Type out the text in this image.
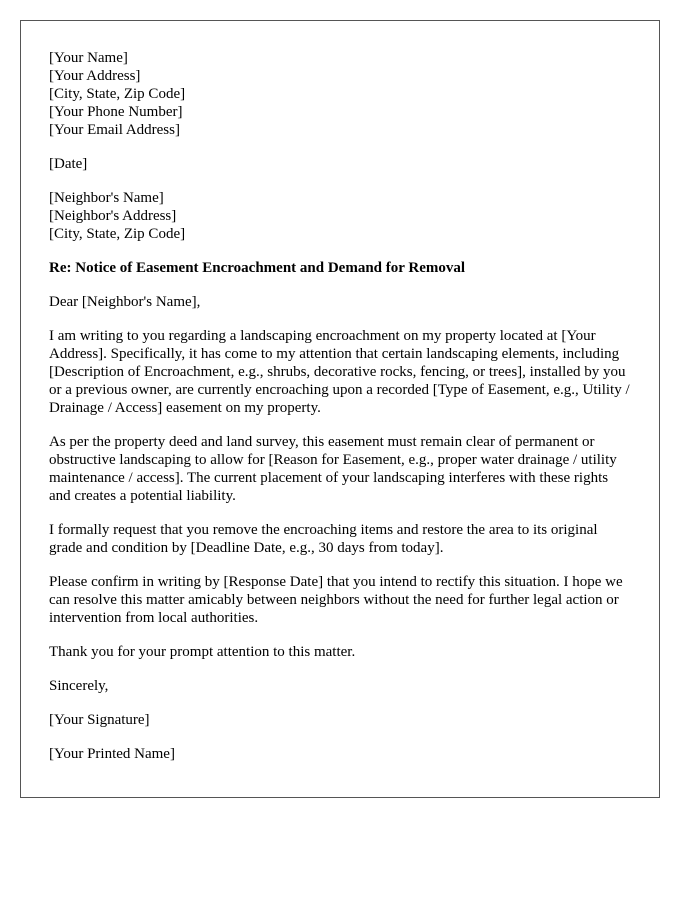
[Your Name]
[Your Address]
[City, State, Zip Code]
[Your Phone Number]
[Your Email Address]
[Date]
[Neighbor's Name]
[Neighbor's Address]
[City, State, Zip Code]
Re: Notice of Easement Encroachment and Demand for Removal

Dear [Neighbor's Name],

I am writing to you regarding a landscaping encroachment on my property located at [Your Address]. Specifically, it has come to my attention that certain landscaping elements, including [Description of Encroachment, e.g., shrubs, decorative rocks, fencing, or trees], installed by you or a previous owner, are currently encroaching upon a recorded [Type of Easement, e.g., Utility / Drainage / Access] easement on my property.

As per the property deed and land survey, this easement must remain clear of permanent or obstructive landscaping to allow for [Reason for Easement, e.g., proper water drainage / utility maintenance / access]. The current placement of your landscaping interferes with these rights and creates a potential liability.

I formally request that you remove the encroaching items and restore the area to its original grade and condition by [Deadline Date, e.g., 30 days from today].

Please confirm in writing by [Response Date] that you intend to rectify this situation. I hope we can resolve this matter amicably between neighbors without the need for further legal action or intervention from local authorities.

Thank you for your prompt attention to this matter.

Sincerely,

[Your Signature]

[Your Printed Name]
